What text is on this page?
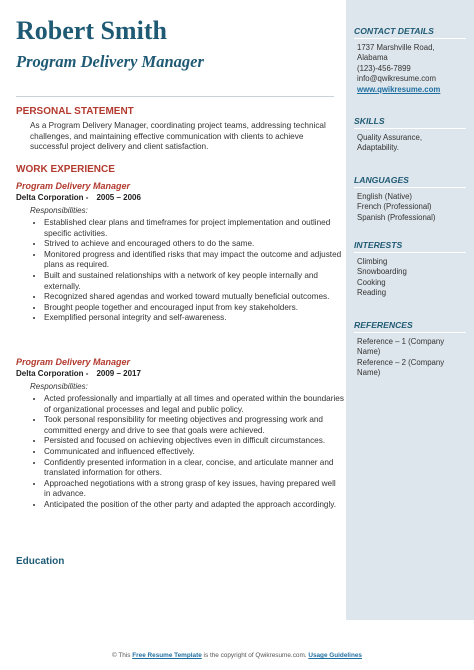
Robert Smith
Program Delivery Manager
PERSONAL STATEMENT
As a Program Delivery Manager, coordinating project teams, addressing technical challenges, and maintaining effective communication with clients to achieve successful project delivery and client satisfaction.
WORK EXPERIENCE
Program Delivery Manager
Delta Corporation - 2005 – 2006
Responsibilities:
• Established clear plans and timeframes for project implementation and outlined specific activities.
• Strived to achieve and encouraged others to do the same.
• Monitored progress and identified risks that may impact the outcome and adjusted plans as required.
• Built and sustained relationships with a network of key people internally and externally.
• Recognized shared agendas and worked toward mutually beneficial outcomes.
• Brought people together and encouraged input from key stakeholders.
• Exemplified personal integrity and self-awareness.
Program Delivery Manager
Delta Corporation - 2009 – 2017
Responsibilities:
• Acted professionally and impartially at all times and operated within the boundaries of organizational processes and legal and public policy.
• Took personal responsibility for meeting objectives and progressing work and committed energy and drive to see that goals were achieved.
• Persisted and focused on achieving objectives even in difficult circumstances.
• Communicated and influenced effectively.
• Confidently presented information in a clear, concise, and articulate manner and translated information for others.
• Approached negotiations with a strong grasp of key issues, having prepared well in advance.
• Anticipated the position of the other party and adapted the approach accordingly.
Education
CONTACT DETAILS
1737 Marshville Road,
Alabama
(123)-456-7899
info@qwikresume.com
www.qwikresume.com
SKILLS
Quality Assurance,
Adaptability.
LANGUAGES
English (Native)
French (Professional)
Spanish (Professional)
INTERESTS
Climbing
Snowboarding
Cooking
Reading
REFERENCES
Reference – 1 (Company
Name)
Reference – 2 (Company
Name)
© This Free Resume Template is the copyright of Qwikresume.com. Usage Guidelines
